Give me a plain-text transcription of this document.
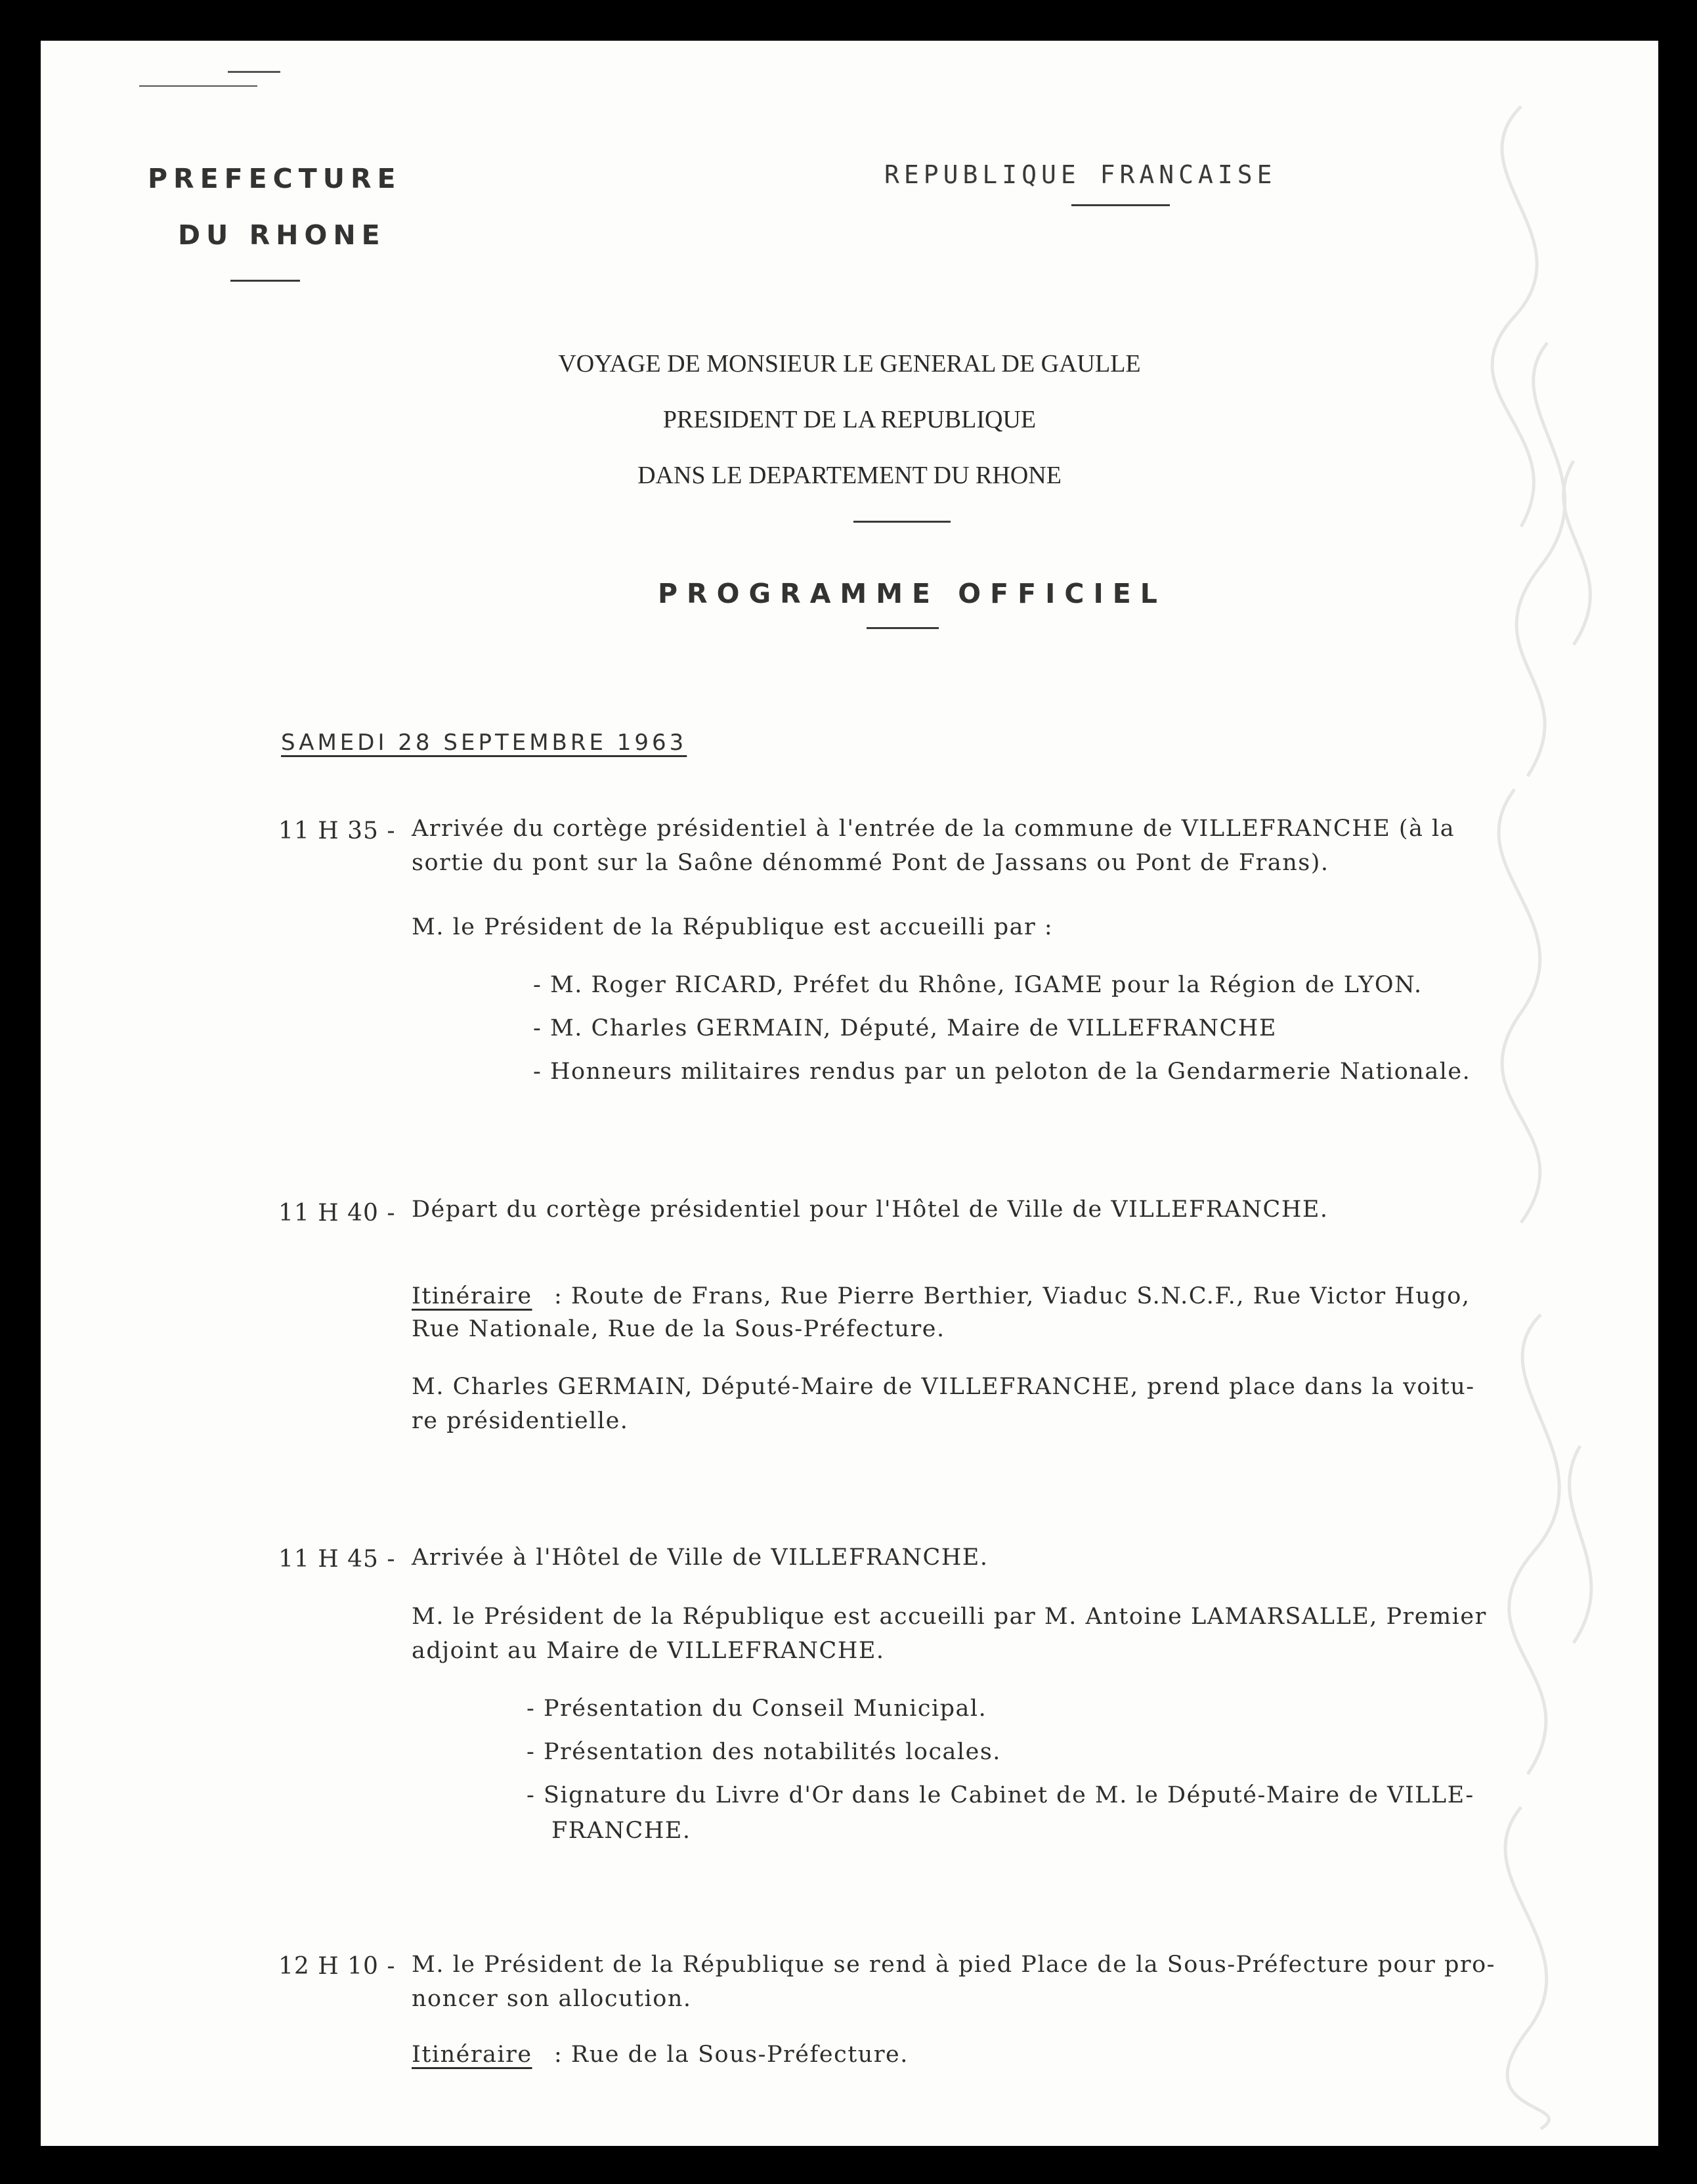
PREFECTURE
DU RHONE
REPUBLIQUE FRANCAISE
VOYAGE DE MONSIEUR LE GENERAL DE GAULLE
PRESIDENT DE LA REPUBLIQUE
DANS LE DEPARTEMENT DU RHONE
PROGRAMME OFFICIEL
SAMEDI 28 SEPTEMBRE 1963
11 H 35 - Arrivée du cortège présidentiel à l'entrée de la commune de VILLEFRANCHE (à la
sortie du pont sur la Saône dénommé Pont de Jassans ou Pont de Frans).
M. le Président de la République est accueilli par :
- M. Roger RICARD, Préfet du Rhône, IGAME pour la Région de LYON.
- M. Charles GERMAIN, Député, Maire de VILLEFRANCHE
- Honneurs militaires rendus par un peloton de la Gendarmerie Nationale.
11 H 40 - Départ du cortège présidentiel pour l'Hôtel de Ville de VILLEFRANCHE.
Itinéraire : Route de Frans, Rue Pierre Berthier, Viaduc S.N.C.F., Rue Victor Hugo,
Rue Nationale, Rue de la Sous-Préfecture.
M. Charles GERMAIN, Député-Maire de VILLEFRANCHE, prend place dans la voitu-
re présidentielle.
11 H 45 - Arrivée à l'Hôtel de Ville de VILLEFRANCHE.
M. le Président de la République est accueilli par M. Antoine LAMARSALLE, Premier
adjoint au Maire de VILLEFRANCHE.
- Présentation du Conseil Municipal.
- Présentation des notabilités locales.
- Signature du Livre d'Or dans le Cabinet de M. le Député-Maire de VILLE-
FRANCHE.
12 H 10 - M. le Président de la République se rend à pied Place de la Sous-Préfecture pour pro-
noncer son allocution.
Itinéraire : Rue de la Sous-Préfecture.
